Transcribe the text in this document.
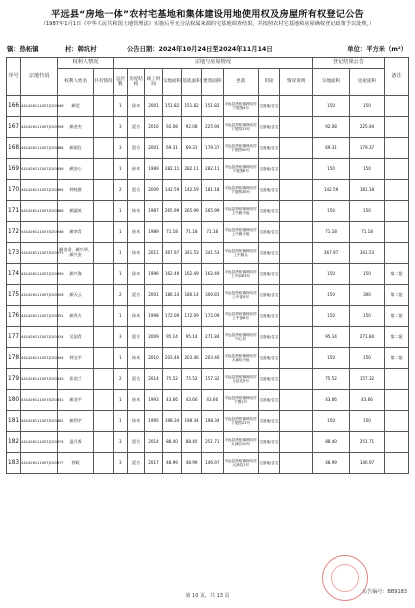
平远县“房地一体”农村宅基地和集体建设用地使用权及房屋所有权登记公告
（1987年1月1日《中华人民共和国土地管理法》实施后至无合法权属来源的宅基地调查结果，并按照农村宅基地和房屋确权登记政策予以处理。）
镇：热柘镇	村：韩坑村	公告日期：2024年10月24日至2024年11月14日	单位：平方米（m²）
序号	宗地代码	权利人情况		宗地与房屋情况									登记结果公告		备注
		权利人姓名	共有情况	总层数	房屋结构	竣工时间	宗地面积	基底面积	建筑面积	坐落	用途	情况说明	宗地面积	房屋面积	
166	441426111007JC00948	颜党		1	砖木	2001	151.82	151.82	151.82	平远县热柘镇韩坑村下尾围4号	宅基地/住宅		150	150	
167	441426111007JC00956	颜金杰		3	混合	2016	92.08	92.08	225.94	平远县热柘镇韩坑村下尾围13号	宅基地/住宅		92.08	225.94	
168	441426111007JC00888	颜丽宜		3	混合	2001	69.31	69.31	179.37	平远县热柘镇韩坑村下尾围50号	宅基地/住宅		69.31	179.37	
169	441426111007JC00856	颜安心		1	砖木	1989	282.11	282.11	282.11	平远县热柘镇韩坑村下尾围8号	宅基地/住宅		150	150	
170	441426111007JC00965	钟桂群		2	混合	2009	142.59	142.59	181.18	平远县热柘镇韩坑村下尾围26号	宅基地/住宅		142.59	181.18	
171	441426111007JC00886	颜淑英		1	砖木	1987	265.99	265.99	265.99	平远县热柘镇韩坑村上中廊小组	宅基地/住宅		150	150	
172	441426111007JC00946	颜李青		1	砖木	1989	71.18	71.18	71.18	平远县热柘镇韩坑村上中廊小组	宅基地/住宅		71.18	71.18	
173	441426111007JC00971	颜金金、颜兴华、颜兴安		1	砖木	2011	367.97	341.53	341.53	平远县热柘镇韩坑村上中廊头	宅基地/住宅		367.97	341.53	
174	441426111007JC00899	颜兴海		1	砖木	1996	162.49	162.49	162.49	平远县热柘镇韩坑村上中部83号	宅基地/住宅		150	150	第二批
175	441426111007JC00926	颜天云		2	混合	2001	186.14	186.14	300.81	平远县热柘镇韩坑村上中部4号	宅基地/住宅		150	300	第二批
176	441426111007JC00931	颜兆火		1	砖木	1998	172.09	172.09	172.09	平远县热柘镇韩坑村上中部6号	宅基地/住宅		150	150	第二批
177	441426111007JC00924	吴国青		3	混合	2009	95.14	95.14	271.84	平远县热柘镇韩坑村中心村	宅基地/住宅		95.14	271.84	第二批
178	441426111007JC00944	钟文平		1	砖木	2010	203.46	203.46	203.46	平远县热柘镇韩坑村大神坑小组	宅基地/住宅		150	150	第二批
179	441426111007JC00845	张雨兰		2	混合	2014	75.52	75.52	157.32	平远县热柘镇韩坑村丘肚光5号	宅基地/住宅		75.52	157.32	
180	441426111007JC00851	颜龙平		1	砖木	1993	43.66	43.66	43.66	平远县热柘镇韩坑村下围1号	宅基地/住宅		43.66	43.66	
181	441426111007JC00862	颜利宇		1	砖木	1995	198.34	198.34	198.34	平远县热柘镇韩坑村下尾围22号	宅基地/住宅		150	150	
182	441426111007JC00874	温月香		3	混合	2014	88.40	88.40	251.71	平远县热柘镇韩坑村大神坑10号	宅基地/住宅		88.40	251.71	
183	441426111007JC00877	钟政		3	混合	2017	48.99	48.99	146.97	平远县热柘镇韩坑村大神坑1号	宅基地/住宅		48.99	146.97	
第 10 页，共 13 页
公告编号：BB9183
